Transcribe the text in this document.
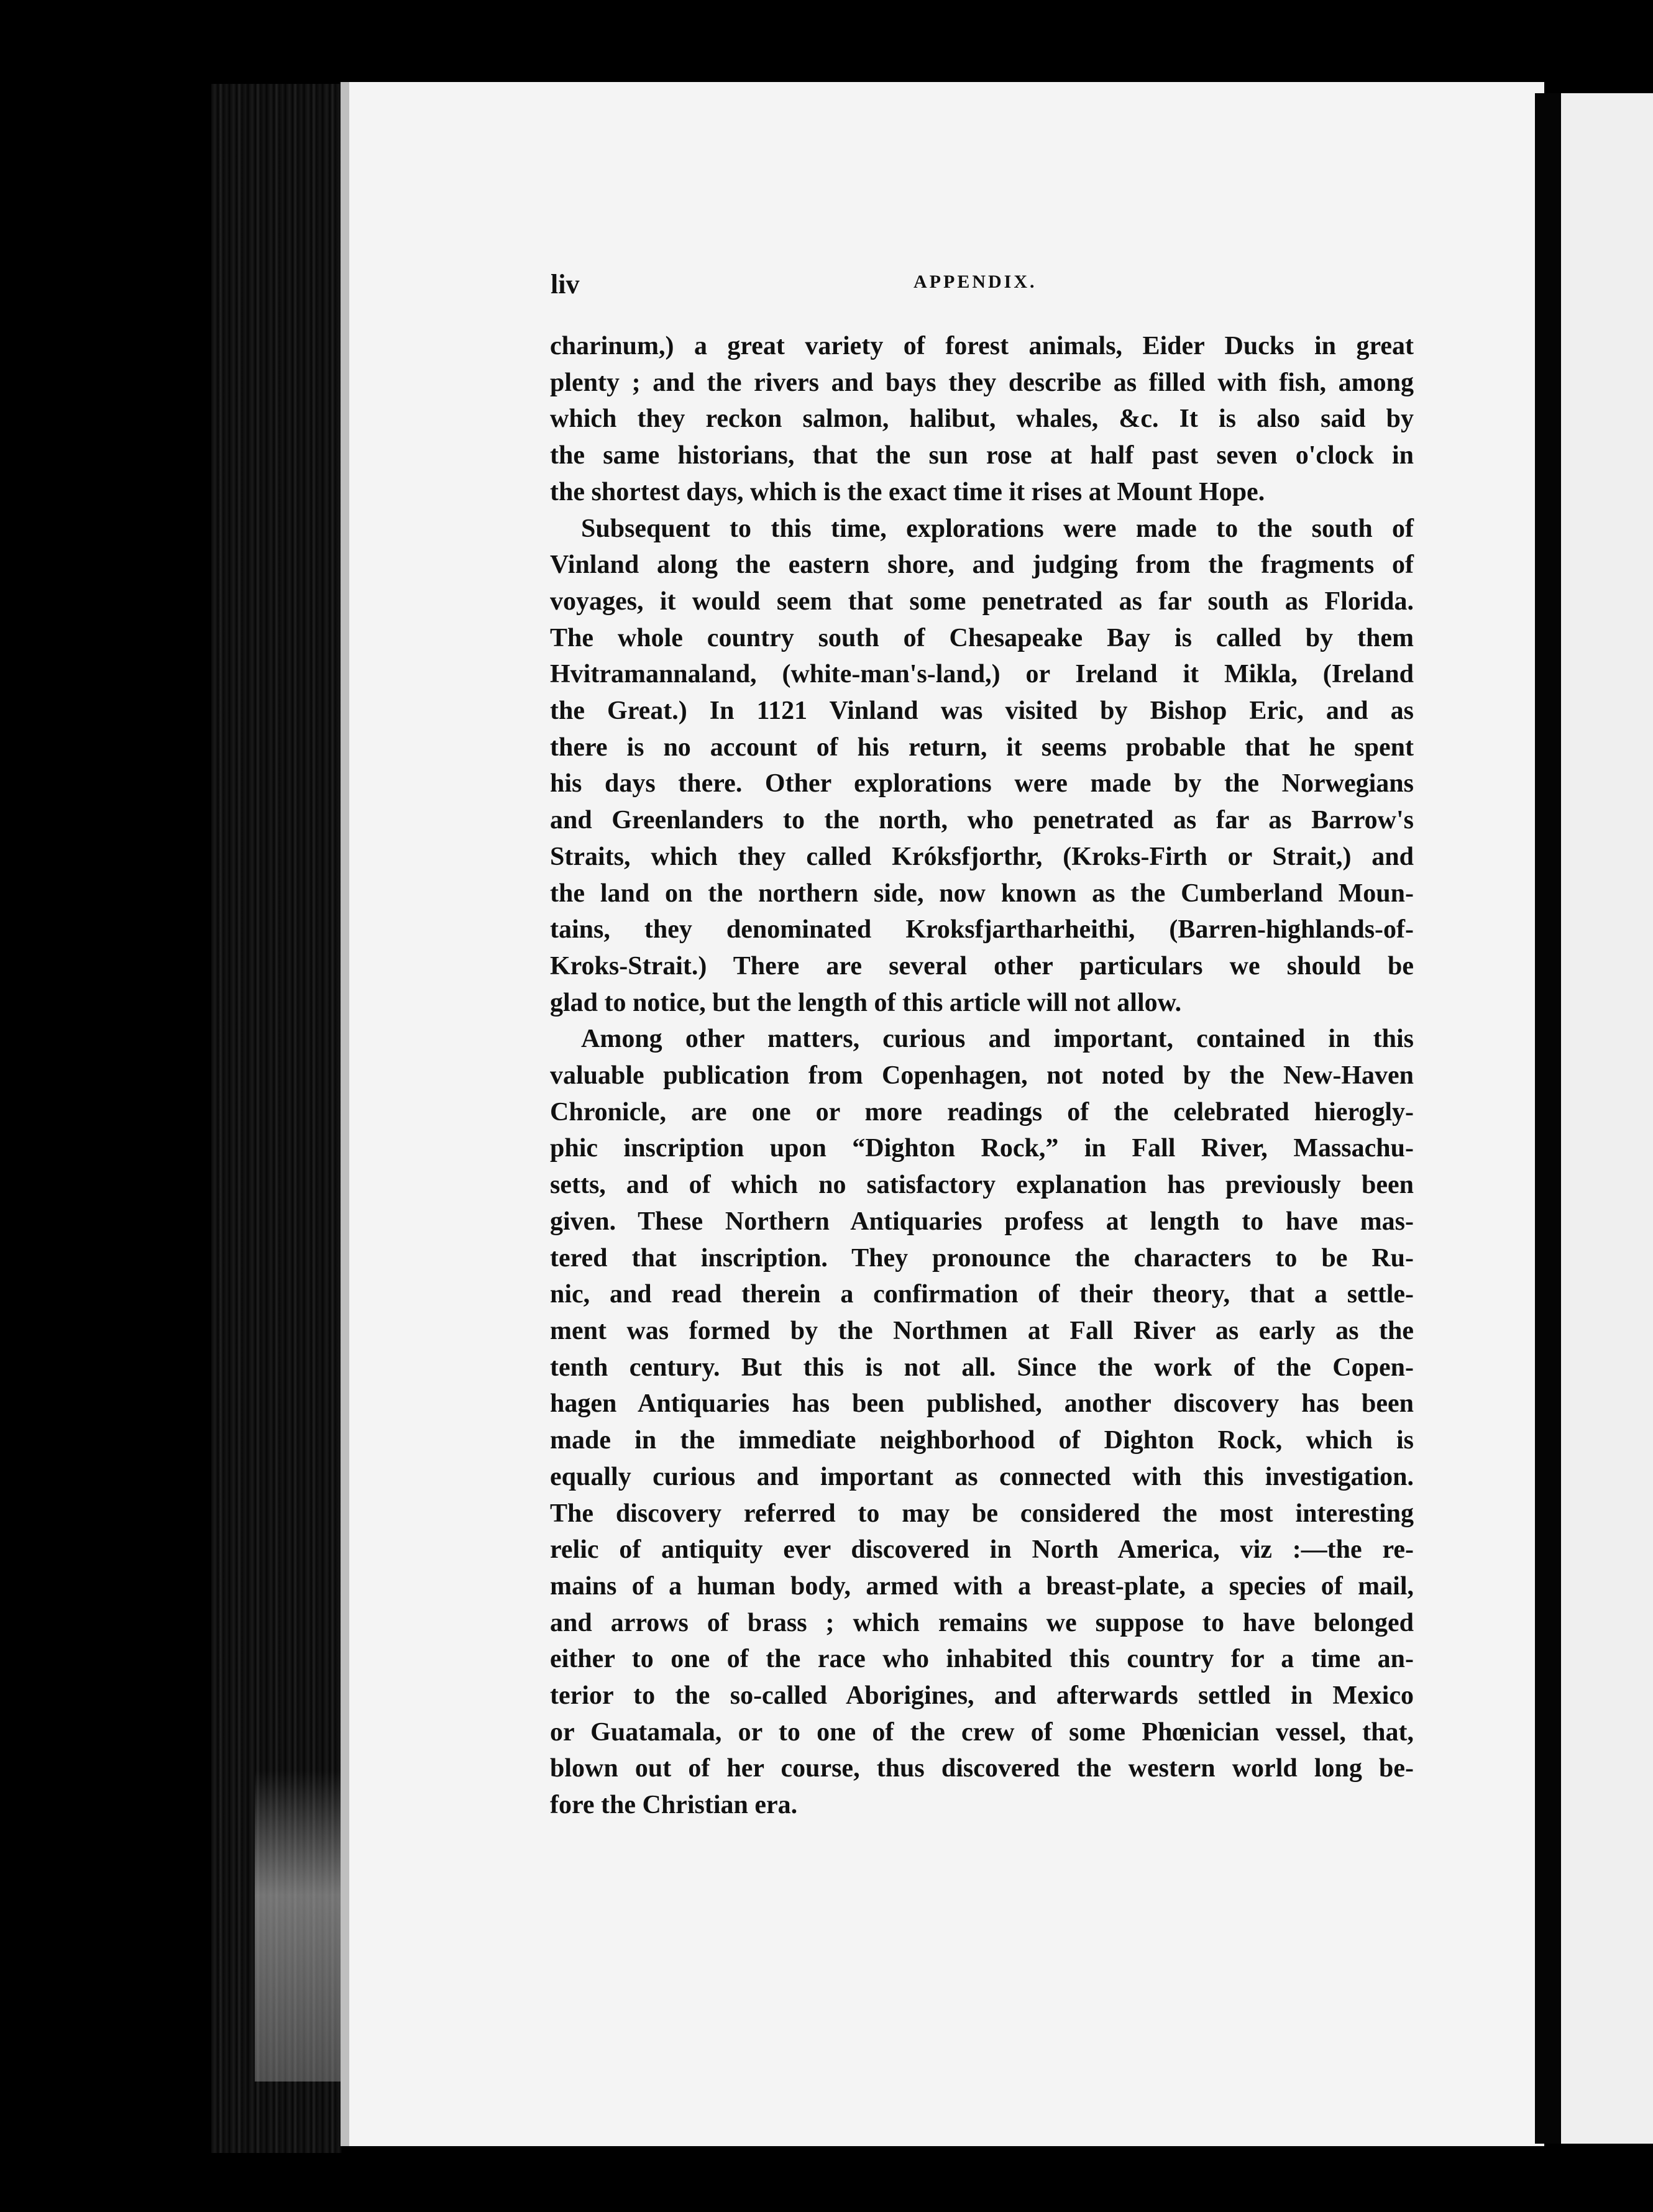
liv	APPENDIX.

charinum,) a great variety of forest animals, Eider Ducks in great
plenty ; and the rivers and bays they describe as filled with fish, among
which they reckon salmon, halibut, whales, &c. It is also said by
the same historians, that the sun rose at half past seven o'clock in
the shortest days, which is the exact time it rises at Mount Hope.

Subsequent to this time, explorations were made to the south of
Vinland along the eastern shore, and judging from the fragments of
voyages, it would seem that some penetrated as far south as Florida.
The whole country south of Chesapeake Bay is called by them
Hvitramannaland, (white-man's-land,) or Ireland it Mikla, (Ireland
the Great.) In 1121 Vinland was visited by Bishop Eric, and as
there is no account of his return, it seems probable that he spent
his days there. Other explorations were made by the Norwegians
and Greenlanders to the north, who penetrated as far as Barrow's
Straits, which they called Króksfjorthr, (Kroks-Firth or Strait,) and
the land on the northern side, now known as the Cumberland Moun-
tains, they denominated Kroksfjartharheithi, (Barren-highlands-of-
Kroks-Strait.) There are several other particulars we should be
glad to notice, but the length of this article will not allow.

Among other matters, curious and important, contained in this
valuable publication from Copenhagen, not noted by the New-Haven
Chronicle, are one or more readings of the celebrated hierogly-
phic inscription upon “Dighton Rock,” in Fall River, Massachu-
setts, and of which no satisfactory explanation has previously been
given. These Northern Antiquaries profess at length to have mas-
tered that inscription. They pronounce the characters to be Ru-
nic, and read therein a confirmation of their theory, that a settle-
ment was formed by the Northmen at Fall River as early as the
tenth century. But this is not all. Since the work of the Copen-
hagen Antiquaries has been published, another discovery has been
made in the immediate neighborhood of Dighton Rock, which is
equally curious and important as connected with this investigation.
The discovery referred to may be considered the most interesting
relic of antiquity ever discovered in North America, viz :—the re-
mains of a human body, armed with a breast-plate, a species of mail,
and arrows of brass ; which remains we suppose to have belonged
either to one of the race who inhabited this country for a time an-
terior to the so-called Aborigines, and afterwards settled in Mexico
or Guatamala, or to one of the crew of some Phœnician vessel, that,
blown out of her course, thus discovered the western world long be-
fore the Christian era.
